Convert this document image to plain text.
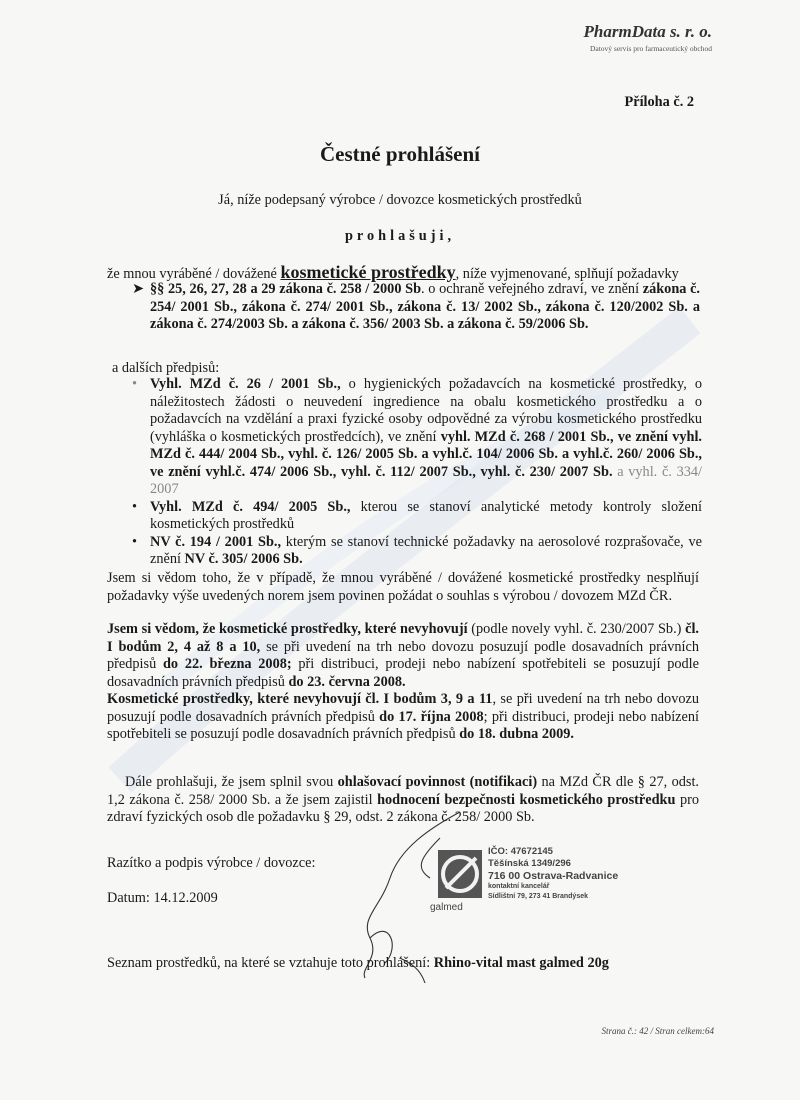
PharmData s. r. o.
Datový servis pro farmaceutický obchod
Příloha č. 2
Čestné prohlášení
Já, níže podepsaný výrobce / dovozce kosmetických prostředků
prohlašuji,
že mnou vyráběné / dovážené kosmetické prostředky, níže vyjmenované, splňují požadavky
➤ §§ 25, 26, 27, 28 a 29 zákona č. 258 / 2000 Sb. o ochraně veřejného zdraví, ve znění zákona č. 254/ 2001 Sb., zákona č. 274/ 2001 Sb., zákona č. 13/ 2002 Sb., zákona č. 120/2002 Sb. a zákona č. 274/2003 Sb. a zákona č. 356/ 2003 Sb. a zákona č. 59/2006 Sb.
a dalších předpisů:
• Vyhl. MZd č. 26 / 2001 Sb., o hygienických požadavcích na kosmetické prostředky, o náležitostech žádosti o neuvedení ingredience na obalu kosmetického prostředku a o požadavcích na vzdělání a praxi fyzické osoby odpovědné za výrobu kosmetického prostředku (vyhláška o kosmetických prostředcích), ve znění vyhl. MZd č. 268 / 2001 Sb., ve znění vyhl. MZd č. 444/ 2004 Sb., vyhl. č. 126/ 2005 Sb. a vyhl.č. 104/ 2006 Sb. a vyhl.č. 260/ 2006 Sb., ve znění vyhl.č. 474/ 2006 Sb., vyhl. č. 112/ 2007 Sb., vyhl. č. 230/ 2007 Sb. a vyhl. č. 334/ 2007
• Vyhl. MZd č. 494/ 2005 Sb., kterou se stanoví analytické metody kontroly složení kosmetických prostředků
• NV č. 194 / 2001 Sb., kterým se stanoví technické požadavky na aerosolové rozprašovače, ve znění NV č. 305/ 2006 Sb.
Jsem si vědom toho, že v případě, že mnou vyráběné / dovážené kosmetické prostředky nesplňují požadavky výše uvedených norem jsem povinen požádat o souhlas s výrobou / dovozem MZd ČR.
Jsem si vědom, že kosmetické prostředky, které nevyhovují (podle novely vyhl. č. 230/2007 Sb.) čl. I bodům 2, 4 až 8 a 10, se při uvedení na trh nebo dovozu posuzují podle dosavadních právních předpisů do 22. března 2008; při distribuci, prodeji nebo nabízení spotřebiteli se posuzují podle dosavadních právních předpisů do 23. června 2008.
Kosmetické prostředky, které nevyhovují čl. I bodům 3, 9 a 11, se při uvedení na trh nebo dovozu posuzují podle dosavadních právních předpisů do 17. října 2008; při distribuci, prodeji nebo nabízení spotřebiteli se posuzují podle dosavadních právních předpisů do 18. dubna 2009.
Dále prohlašuji, že jsem splnil svou ohlašovací povinnost (notifikaci) na MZd ČR dle § 27, odst. 1,2 zákona č. 258/ 2000 Sb. a že jsem zajistil hodnocení bezpečnosti kosmetického prostředku pro zdraví fyzických osob dle požadavku § 29, odst. 2 zákona č. 258/ 2000 Sb.
Razítko a podpis výrobce / dovozce:
Datum: 14.12.2009
galmed
IČO: 47672145
Těšínská 1349/296
716 00 Ostrava-Radvanice
kontaktní kancelář
Sídlištní 79, 273 41 Brandýsek
Seznam prostředků, na které se vztahuje toto prohlášení: Rhino-vital mast galmed 20g
Strana č.: 42 / Stran celkem:64
